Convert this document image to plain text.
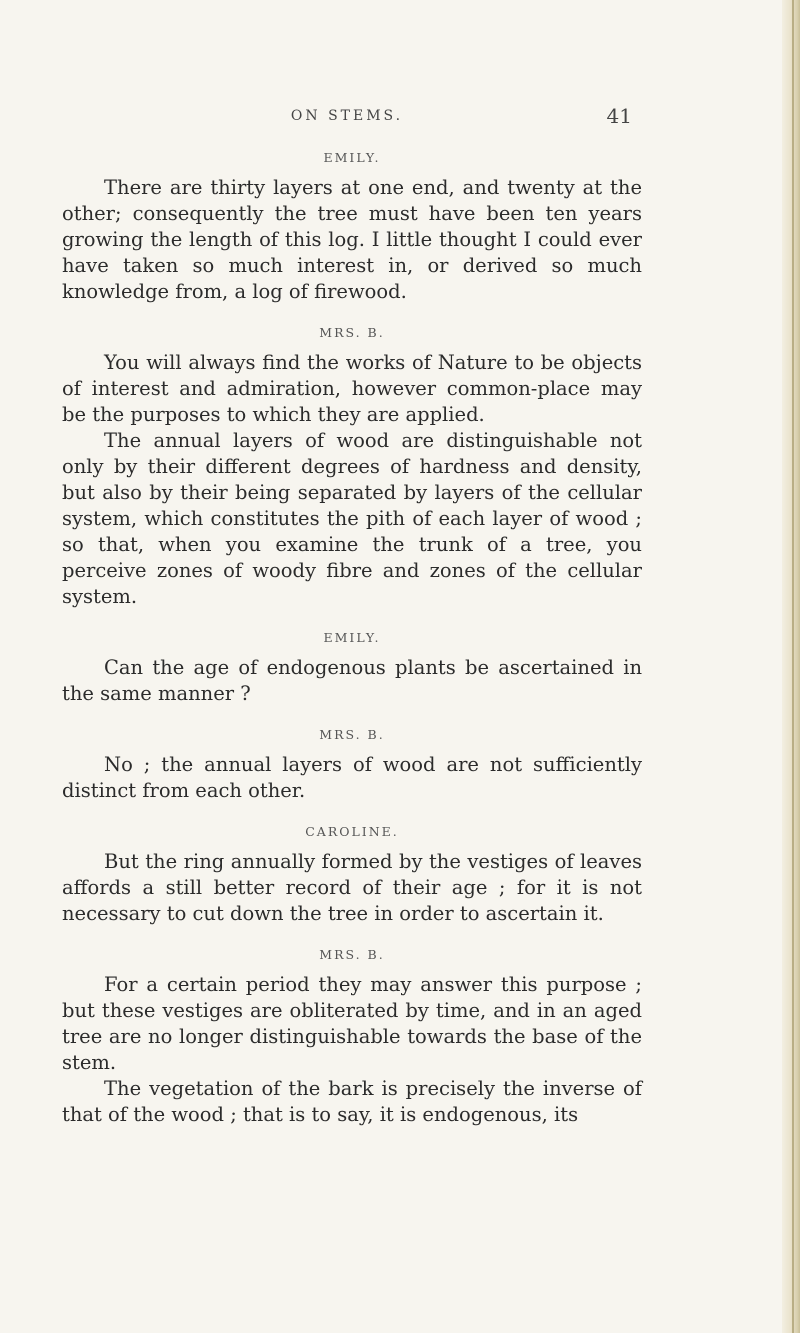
ON STEMS.	41
EMILY.

There are thirty layers at one end, and twenty at the other; consequently the tree must have been ten years growing the length of this log. I little thought I could ever have taken so much interest in, or derived so much knowledge from, a log of firewood.

MRS. B.

You will always find the works of Nature to be objects of interest and admiration, however common-place may be the purposes to which they are applied.

The annual layers of wood are distinguishable not only by their different degrees of hardness and density, but also by their being separated by layers of the cellular system, which constitutes the pith of each layer of wood ; so that, when you examine the trunk of a tree, you perceive zones of woody fibre and zones of the cellular system.

EMILY.

Can the age of endogenous plants be ascertained in the same manner ?

MRS. B.

No ; the annual layers of wood are not sufficiently distinct from each other.

CAROLINE.

But the ring annually formed by the vestiges of leaves affords a still better record of their age ; for it is not necessary to cut down the tree in order to ascertain it.

MRS. B.

For a certain period they may answer this purpose ; but these vestiges are obliterated by time, and in an aged tree are no longer distinguishable towards the base of the stem.

The vegetation of the bark is precisely the inverse of that of the wood ; that is to say, it is endogenous, its
